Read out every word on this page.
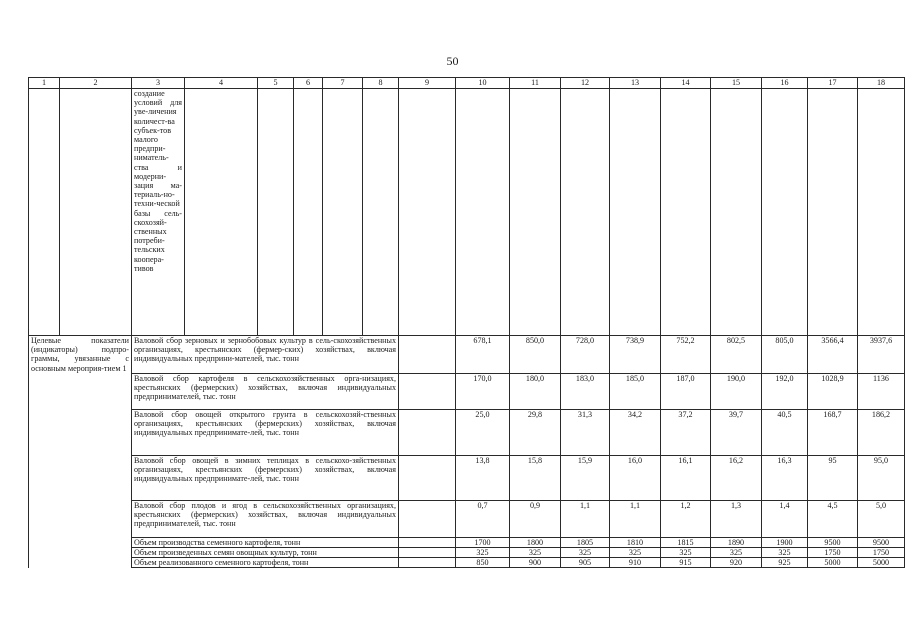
50
1	2	3	4	5	6	7	8	9	10	11	12	13	14	15	16	17	18
		создание условий для уве-личения количест-ва субъек-тов малого предпри-ниматель-ства и модерни-зация ма-териаль-но-техни-ческой базы сель-скохозяй-ственных потреби-тельских коопера-тивов															
Целевые показатели (индикаторы) подпро-граммы, увязанные с основным мероприя-тием 1		Валовой сбор зерновых и зернобобовых культур в сель-скохозяйственных организациях, крестьянских (фермер-ских) хозяйствах, включая индивидуальных предприни-мателей, тыс. тонн							678,1	850,0	728,0	738,9	752,2	802,5	805,0	3566,4	3937,6
		Валовой сбор картофеля в сельскохозяйственных орга-низациях, крестьянских (фермерских) хозяйствах, включая индивидуальных предпринимателей, тыс. тонн							170,0	180,0	183,0	185,0	187,0	190,0	192,0	1028,9	1136
		Валовой сбор овощей открытого грунта в сельскохозяй-ственных организациях, крестьянских (фермерских) хозяйствах, включая индивидуальных предпринимате-лей, тыс. тонн							25,0	29,8	31,3	34,2	37,2	39,7	40,5	168,7	186,2
		Валовой сбор овощей в зимних теплицах в сельскохо-зяйственных организациях, крестьянских (фермерских) хозяйствах, включая индивидуальных предпринимате-лей, тыс. тонн							13,8	15,8	15,9	16,0	16,1	16,2	16,3	95	95,0
		Валовой сбор плодов и ягод в сельскохозяйственных организациях, крестьянских (фермерских) хозяйствах, включая индивидуальных предпринимателей, тыс. тонн							0,7	0,9	1,1	1,1	1,2	1,3	1,4	4,5	5,0
		Объем производства семенного картофеля, тонн							1700	1800	1805	1810	1815	1890	1900	9500	9500
		Объем произведенных семян овощных культур, тонн							325	325	325	325	325	325	325	1750	1750
		Объем реализованного семенного картофеля, тонн							850	900	905	910	915	920	925	5000	5000
